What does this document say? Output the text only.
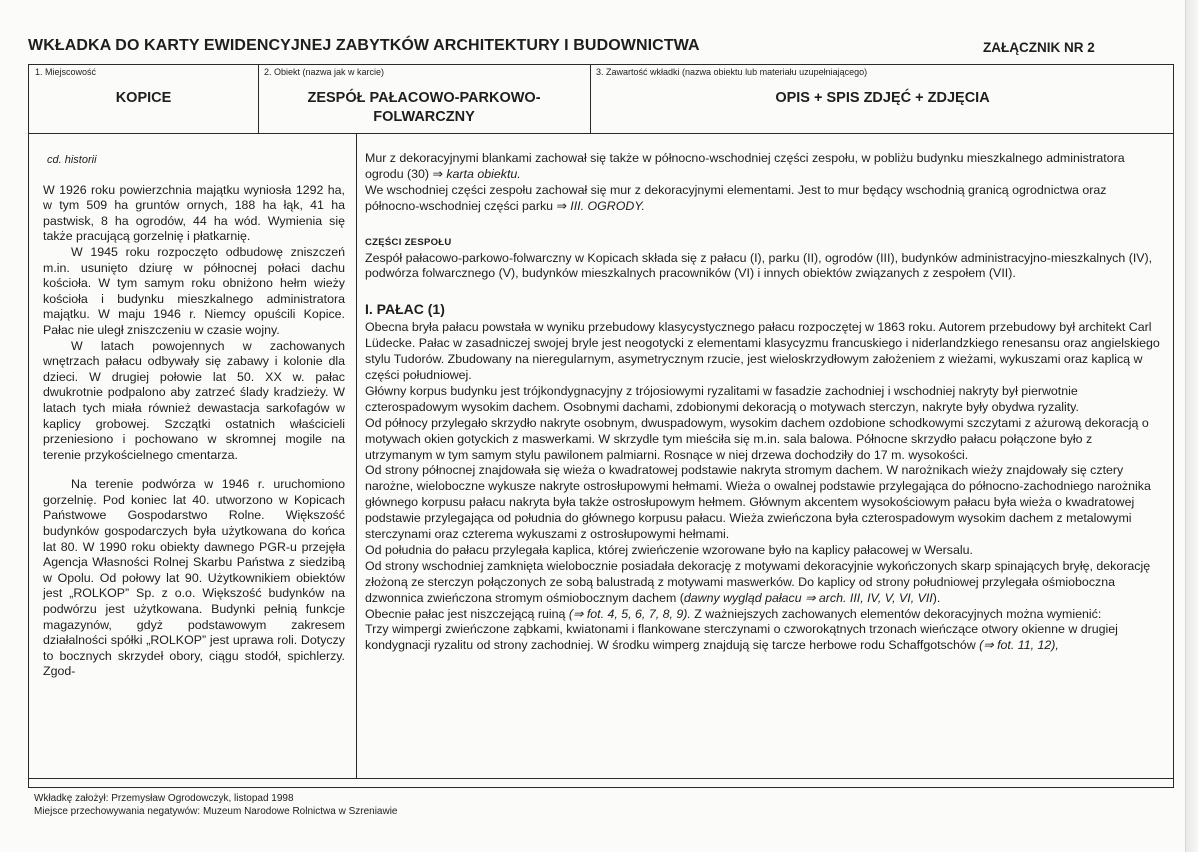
WKŁADKA DO KARTY EWIDENCYJNEJ ZABYTKÓW ARCHITEKTURY I BUDOWNICTWA	ZAŁĄCZNIK NR 2
1. Miejscowość
KOPICE
2. Obiekt (nazwa jak w karcie)
ZESPÓŁ PAŁACOWO-PARKOWO-FOLWARCZNY
3. Zawartość wkładki (nazwa obiektu lub materiału uzupełniającego)
OPIS + SPIS ZDJĘĆ + ZDJĘCIA
cd. historii

W 1926 roku powierzchnia majątku wyniosła 1292 ha, w tym 509 ha gruntów ornych, 188 ha łąk, 41 ha pastwisk, 8 ha ogrodów, 44 ha wód. Wymienia się także pracującą gorzelnię i płatkarnię.

W 1945 roku rozpoczęto odbudowę zniszczeń m.in. usunięto dziurę w północnej połaci dachu kościoła. W tym samym roku obniżono hełm wieży kościoła i budynku mieszkalnego administratora majątku. W maju 1946 r. Niemcy opuścili Kopice. Pałac nie uległ zniszczeniu w czasie wojny.

W latach powojennych w zachowanych wnętrzach pałacu odbywały się zabawy i kolonie dla dzieci. W drugiej połowie lat 50. XX w. pałac dwukrotnie podpalono aby zatrzeć ślady kradzieży. W latach tych miała również dewastacja sarkofagów w kaplicy grobowej. Szczątki ostatnich właścicieli przeniesiono i pochowano w skromnej mogile na terenie przykościelnego cmentarza.

Na terenie podwórza w 1946 r. uruchomiono gorzelnię. Pod koniec lat 40. utworzono w Kopicach Państwowe Gospodarstwo Rolne. Większość budynków gospodarczych była użytkowana do końca lat 80. W 1990 roku obiekty dawnego PGR-u przejęła Agencja Własności Rolnej Skarbu Państwa z siedzibą w Opolu. Od połowy lat 90. Użytkownikiem obiektów jest „ROLKOP” Sp. z o.o. Większość budynków na podwórzu jest użytkowana. Budynki pełnią funkcje magazynów, gdyż podstawowym zakresem działalności spółki „ROLKOP” jest uprawa roli. Dotyczy to bocznych skrzydeł obory, ciągu stodół, spichlerzy. Zgod-

Mur z dekoracyjnymi blankami zachował się także w północno-wschodniej części zespołu, w pobliżu budynku mieszkalnego administratora ogrodu (30) ⇒ karta obiektu.

We wschodniej części zespołu zachował się mur z dekoracyjnymi elementami. Jest to mur będący wschodnią granicą ogrodnictwa oraz północno-wschodniej części parku ⇒ III. OGRODY.

CZĘŚCI ZESPOŁU

Zespół pałacowo-parkowo-folwarczny w Kopicach składa się z pałacu (I), parku (II), ogrodów (III), budynków administracyjno-mieszkalnych (IV), podwórza folwarcznego (V), budynków mieszkalnych pracowników (VI) i innych obiektów związanych z zespołem (VII).

I. PAŁAC (1)

Obecna bryła pałacu powstała w wyniku przebudowy klasycystycznego pałacu rozpoczętej w 1863 roku. Autorem przebudowy był architekt Carl Lüdecke. Pałac w zasadniczej swojej bryle jest neogotycki z elementami klasycyzmu francuskiego i niderlandzkiego renesansu oraz angielskiego stylu Tudorów. Zbudowany na nieregularnym, asymetrycznym rzucie, jest wieloskrzydłowym założeniem z wieżami, wykuszami oraz kaplicą w części południowej.

Główny korpus budynku jest trójkondygnacyjny z trójosiowymi ryzalitami w fasadzie zachodniej i wschodniej nakryty był pierwotnie czterospadowym wysokim dachem. Osobnymi dachami, zdobionymi dekoracją o motywach sterczyn, nakryte były obydwa ryzality.

Od północy przylegało skrzydło nakryte osobnym, dwuspadowym, wysokim dachem ozdobione schodkowymi szczytami z ażurową dekoracją o motywach okien gotyckich z maswerkami. W skrzydle tym mieściła się m.in. sala balowa. Północne skrzydło pałacu połączone było z utrzymanym w tym samym stylu pawilonem palmiarni. Rosnące w niej drzewa dochodziły do 17 m. wysokości.

Od strony północnej znajdowała się wieża o kwadratowej podstawie nakryta stromym dachem. W narożnikach wieży znajdowały się cztery narożne, wieloboczne wykusze nakryte ostrosłupowymi hełmami. Wieża o owalnej podstawie przylegająca do północno-zachodniego narożnika głównego korpusu pałacu nakryta była także ostrosłupowym hełmem. Głównym akcentem wysokościowym pałacu była wieża o kwadratowej podstawie przylegająca od południa do głównego korpusu pałacu. Wieża zwieńczona była czterospadowym wysokim dachem z metalowymi sterczynami oraz czterema wykuszami z ostrosłupowymi hełmami.

Od południa do pałacu przylegała kaplica, której zwieńczenie wzorowane było na kaplicy pałacowej w Wersalu.

Od strony wschodniej zamknięta wielobocznie posiadała dekorację z motywami dekoracyjnie wykończonych skarp spinających bryłę, dekorację złożoną ze sterczyn połączonych ze sobą balustradą z motywami maswerków. Do kaplicy od strony południowej przylegała ośmioboczna dzwonnica zwieńczona stromym ośmiobocznym dachem (dawny wygląd pałacu ⇒ arch. III, IV, V, VI, VII).

Obecnie pałac jest niszczejącą ruiną (⇒ fot. 4, 5, 6, 7, 8, 9). Z ważniejszych zachowanych elementów dekoracyjnych można wymienić:

Trzy wimpergi zwieńczone ząbkami, kwiatonami i flankowane sterczynami o czworokątnych trzonach wieńczące otwory okienne w drugiej kondygnacji ryzalitu od strony zachodniej. W środku wimperg znajdują się tarcze herbowe rodu Schaffgotschów (⇒ fot. 11, 12),

Wkładkę założył: Przemysław Ogrodowczyk, listopad 1998
Miejsce przechowywania negatywów: Muzeum Narodowe Rolnictwa w Szreniawie
